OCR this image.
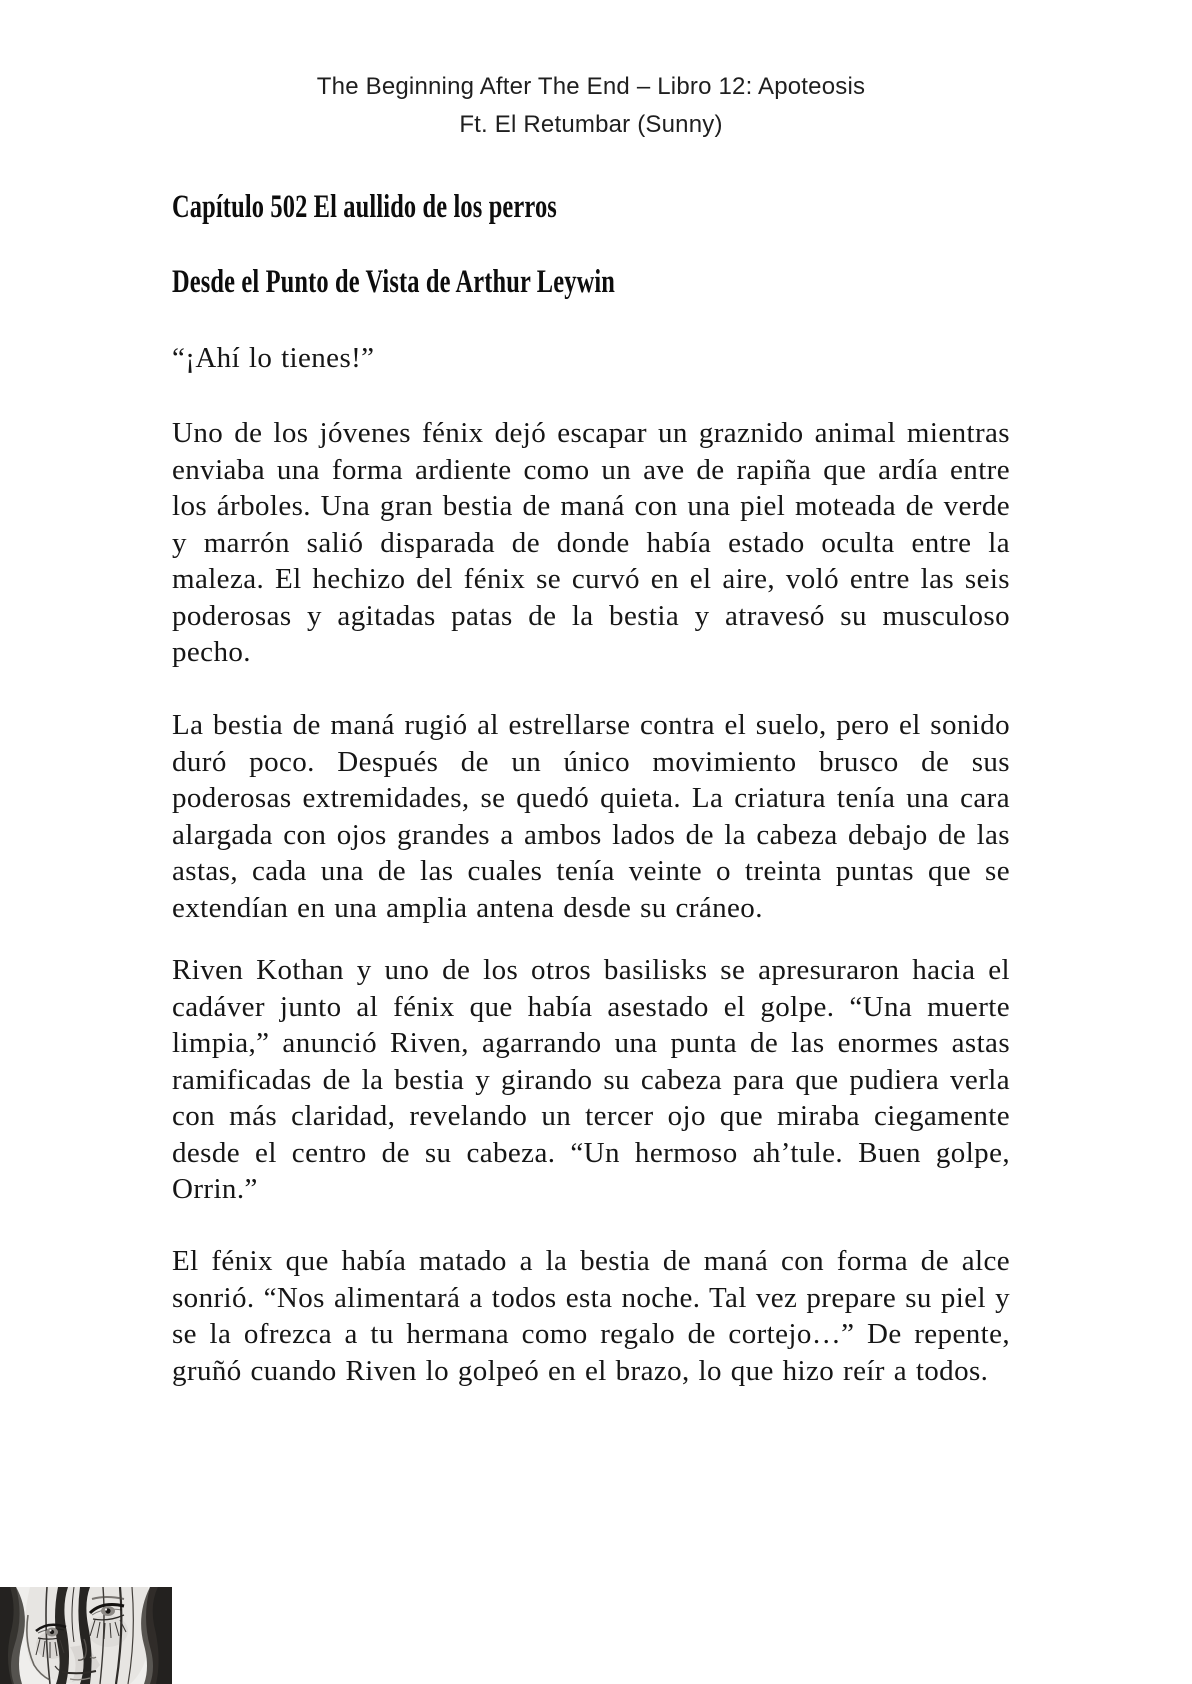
The Beginning After The End – Libro 12: Apoteosis
Ft. El Retumbar (Sunny)
Capítulo 502 El aullido de los perros
Desde el Punto de Vista de Arthur Leywin

“¡Ahí lo tienes!”

Uno de los jóvenes fénix dejó escapar un graznido animal mientras enviaba una forma ardiente como un ave de rapiña que ardía entre los árboles. Una gran bestia de maná con una piel moteada de verde y marrón salió disparada de donde había estado oculta entre la maleza. El hechizo del fénix se curvó en el aire, voló entre las seis poderosas y agitadas patas de la bestia y atravesó su musculoso pecho.

La bestia de maná rugió al estrellarse contra el suelo, pero el sonido duró poco. Después de un único movimiento brusco de sus poderosas extremidades, se quedó quieta. La criatura tenía una cara alargada con ojos grandes a ambos lados de la cabeza debajo de las astas, cada una de las cuales tenía veinte o treinta puntas que se extendían en una amplia antena desde su cráneo.

Riven Kothan y uno de los otros basilisks se apresuraron hacia el cadáver junto al fénix que había asestado el golpe. “Una muerte limpia,” anunció Riven, agarrando una punta de las enormes astas ramificadas de la bestia y girando su cabeza para que pudiera verla con más claridad, revelando un tercer ojo que miraba ciegamente desde el centro de su cabeza. “Un hermoso ah’tule. Buen golpe, Orrin.”

El fénix que había matado a la bestia de maná con forma de alce sonrió. “Nos alimentará a todos esta noche. Tal vez prepare su piel y se la ofrezca a tu hermana como regalo de cortejo…” De repente, gruñó cuando Riven lo golpeó en el brazo, lo que hizo reír a todos.
